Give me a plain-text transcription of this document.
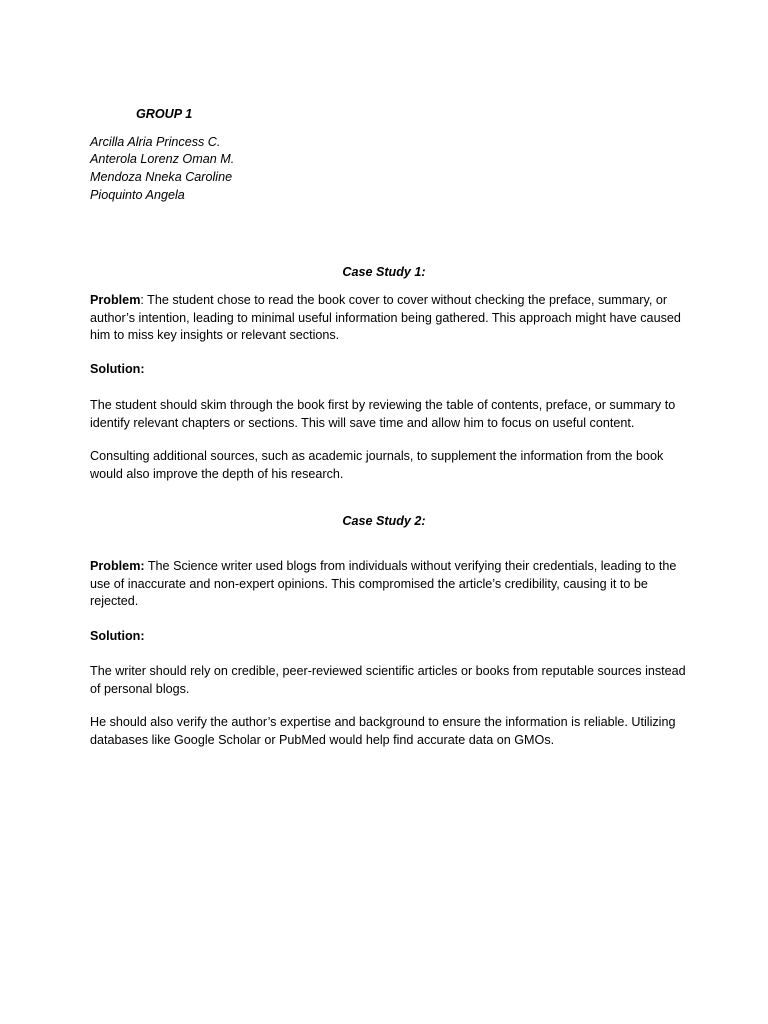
GROUP 1
Arcilla Alria Princess C.
Anterola Lorenz Oman M.
Mendoza Nneka Caroline
Pioquinto Angela
Case Study 1:
Problem: The student chose to read the book cover to cover without checking the preface, summary, or author’s intention, leading to minimal useful information being gathered. This approach might have caused him to miss key insights or relevant sections.
Solution:
The student should skim through the book first by reviewing the table of contents, preface, or summary to identify relevant chapters or sections. This will save time and allow him to focus on useful content.
Consulting additional sources, such as academic journals, to supplement the information from the book would also improve the depth of his research.
Case Study 2:
Problem: The Science writer used blogs from individuals without verifying their credentials, leading to the use of inaccurate and non-expert opinions. This compromised the article’s credibility, causing it to be rejected.
Solution:
The writer should rely on credible, peer-reviewed scientific articles or books from reputable sources instead of personal blogs.
He should also verify the author’s expertise and background to ensure the information is reliable. Utilizing databases like Google Scholar or PubMed would help find accurate data on GMOs.
